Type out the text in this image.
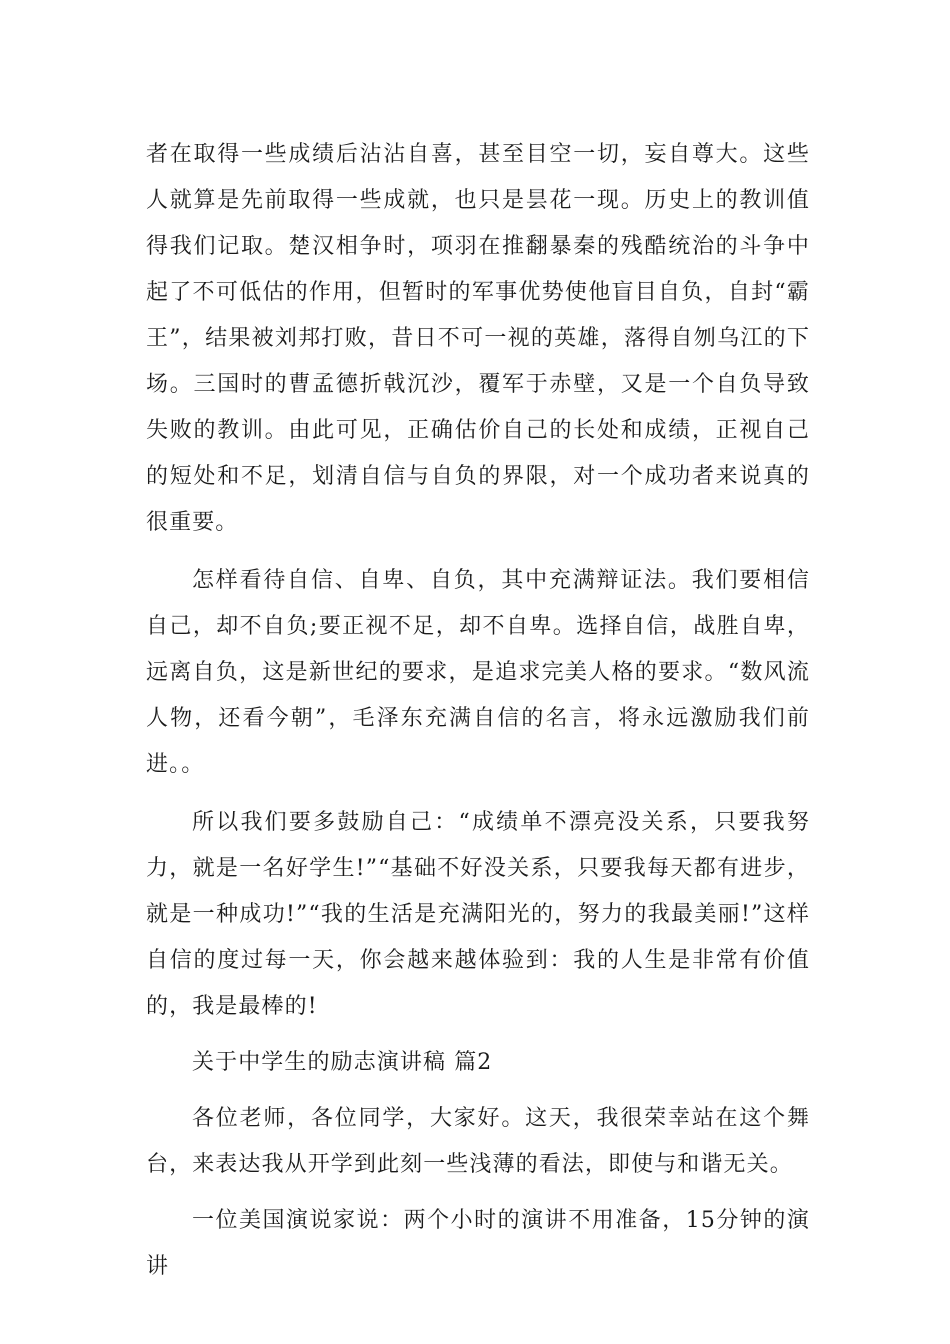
者在取得一些成绩后沾沾自喜，甚至目空一切，妄自尊大。这些人就算是先前取得一些成就，也只是昙花一现。历史上的教训值得我们记取。楚汉相争时，项羽在推翻暴秦的残酷统治的斗争中起了不可低估的作用，但暂时的军事优势使他盲目自负，自封“霸王”，结果被刘邦打败，昔日不可一视的英雄，落得自刎乌江的下场。三国时的曹孟德折戟沉沙，覆军于赤壁，又是一个自负导致失败的教训。由此可见，正确估价自己的长处和成绩，正视自己的短处和不足，划清自信与自负的界限，对一个成功者来说真的很重要。

怎样看待自信、自卑、自负，其中充满辩证法。我们要相信自己，却不自负;要正视不足，却不自卑。选择自信，战胜自卑，远离自负，这是新世纪的要求，是追求完美人格的要求。“数风流人物，还看今朝”，毛泽东充满自信的名言，将永远激励我们前进。。

所以我们要多鼓励自己：“成绩单不漂亮没关系，只要我努力，就是一名好学生!”“基础不好没关系，只要我每天都有进步，就是一种成功!”“我的生活是充满阳光的，努力的我最美丽!”这样自信的度过每一天，你会越来越体验到：我的人生是非常有价值的，我是最棒的!

关于中学生的励志演讲稿 篇2

各位老师，各位同学，大家好。这天，我很荣幸站在这个舞台，来表达我从开学到此刻一些浅薄的看法，即使与和谐无关。

一位美国演说家说：两个小时的演讲不用准备，15分钟的演讲
